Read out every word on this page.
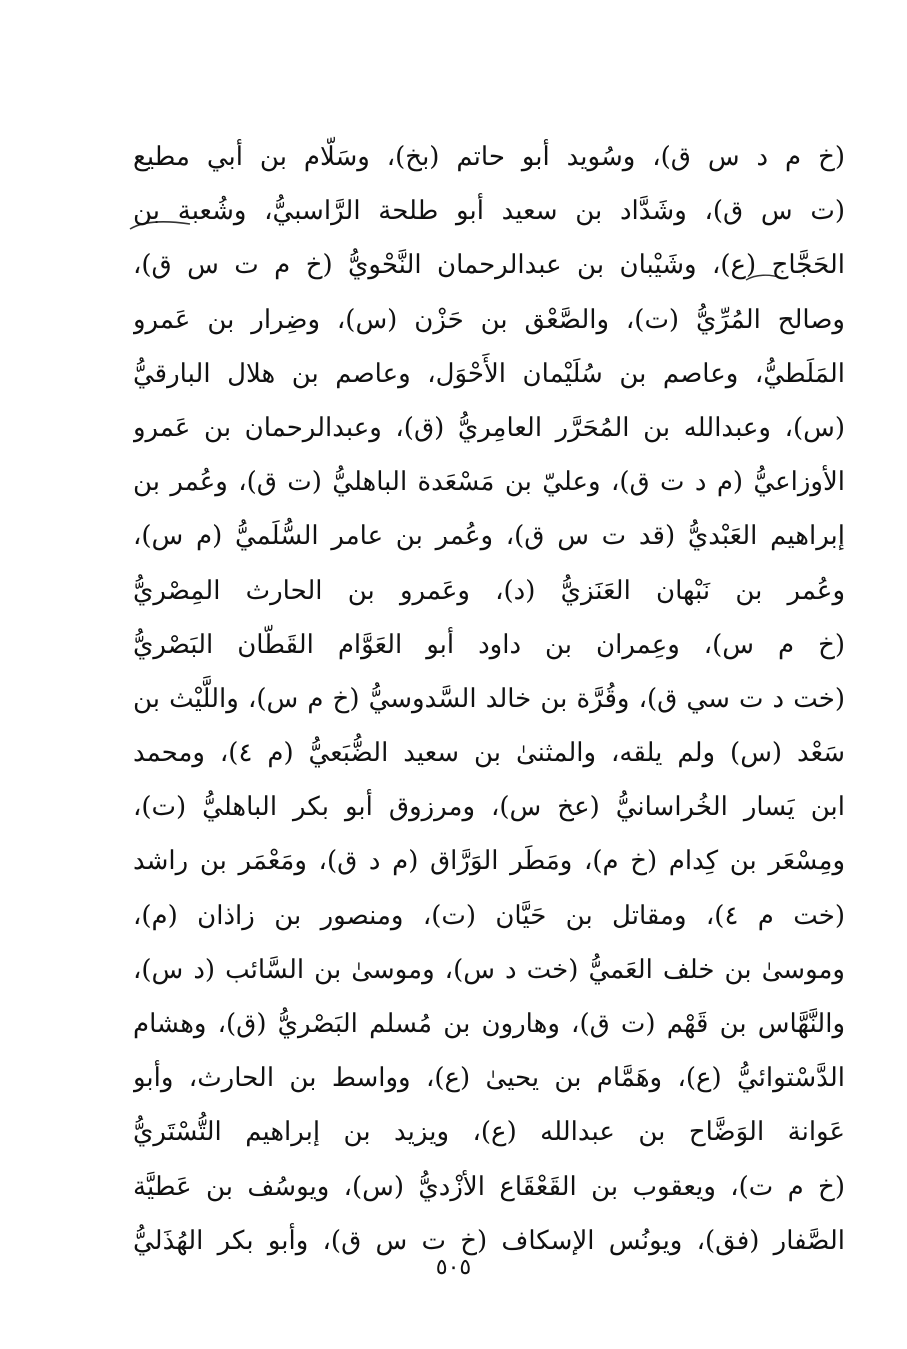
(خ م د س ق)، وسُويد أبو حاتم (بخ)، وسَلّام بن أبي مطيع
(ت س ق)، وشَدَّاد بن سعيد أبو طلحة الرَّاسبيُّ، وشُعبة بن
الحَجَّاج (ع)، وشَيْبان بن عبدالرحمان النَّحْويُّ (خ م ت س ق)،
وصالح المُرِّيُّ (ت)، والصَّعْق بن حَزْن (س)، وضِرار بن عَمرو
المَلَطيُّ، وعاصم بن سُلَيْمان الأَحْوَل، وعاصم بن هلال البارقيُّ
(س)، وعبدالله بن المُحَرَّر العامِريُّ (ق)، وعبدالرحمان بن عَمرو
الأوزاعيُّ (م د ت ق)، وعليّ بن مَسْعَدة الباهليُّ (ت ق)، وعُمر بن
إبراهيم العَبْديُّ (قد ت س ق)، وعُمر بن عامر السُّلَميُّ (م س)،
وعُمر بن نَبْهان العَنَزيُّ (د)، وعَمرو بن الحارث المِصْريُّ
(خ م س)، وعِمران بن داود أبو العَوَّام القَطّان البَصْريُّ
(خت د ت سي ق)، وقُرَّة بن خالد السَّدوسيُّ (خ م س)، واللَّيْث بن
سَعْد (س) ولم يلقه، والمثنىٰ بن سعيد الضُّبَعيُّ (م ٤)، ومحمد
ابن يَسار الخُراسانيُّ (عخ س)، ومرزوق أبو بكر الباهليُّ (ت)،
ومِسْعَر بن كِدام (خ م)، ومَطَر الوَرَّاق (م د ق)، ومَعْمَر بن راشد
(خت م ٤)، ومقاتل بن حَيَّان (ت)، ومنصور بن زاذان (م)،
وموسىٰ بن خلف العَميُّ (خت د س)، وموسىٰ بن السَّائب (د س)،
والنَّهَّاس بن قَهْم (ت ق)، وهارون بن مُسلم البَصْريُّ (ق)، وهشام
الدَّسْتوائيُّ (ع)، وهَمَّام بن يحيىٰ (ع)، وواسط بن الحارث، وأبو
عَوانة الوَضَّاح بن عبدالله (ع)، ويزيد بن إبراهيم التُّسْتَريُّ
(خ م ت)، ويعقوب بن القَعْقَاع الأزْديُّ (س)، ويوسُف بن عَطيَّة
الصَّفار (فق)، ويونُس الإسكاف (خ ت س ق)، وأبو بكر الهُذَليُّ
٥٠٥
